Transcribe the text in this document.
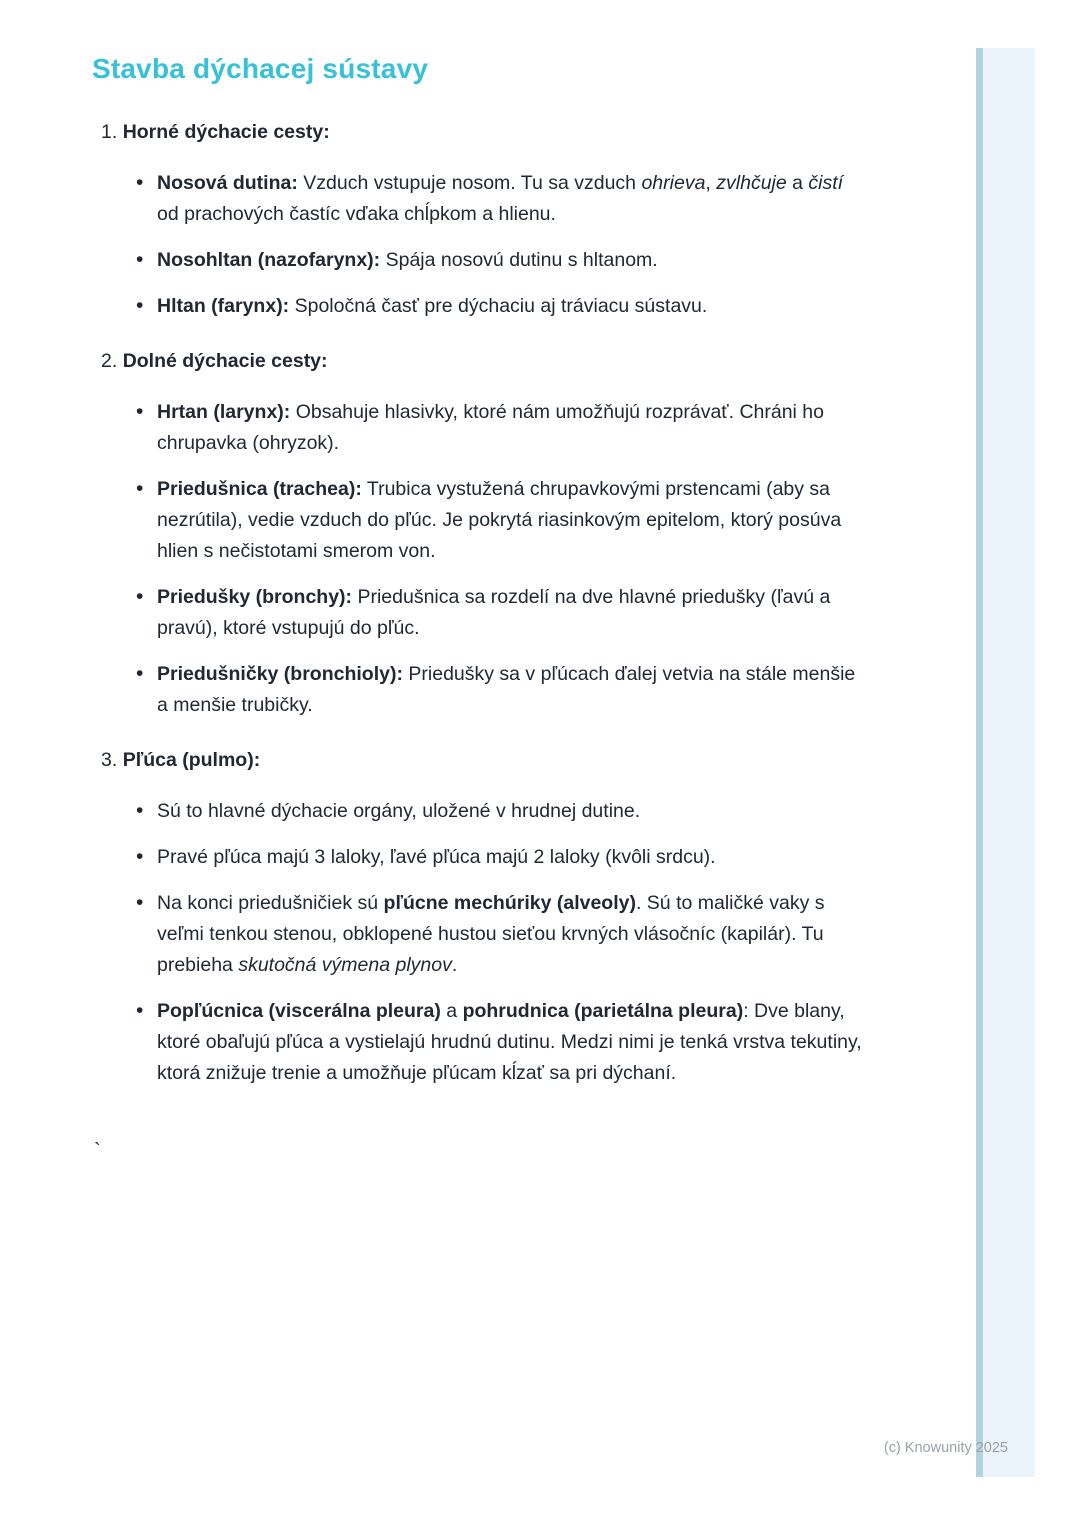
Stavba dýchacej sústavy

1. Horné dýchacie cesty:

• Nosová dutina: Vzduch vstupuje nosom. Tu sa vzduch ohrieva, zvlhčuje a čistí od prachových častíc vďaka chĺpkom a hlienu.
• Nosohltan (nazofarynx): Spája nosovú dutinu s hltanom.
• Hltan (farynx): Spoločná časť pre dýchaciu aj tráviacu sústavu.

2. Dolné dýchacie cesty:

• Hrtan (larynx): Obsahuje hlasivky, ktoré nám umožňujú rozprávať. Chráni ho chrupavka (ohryzok).
• Priedušnica (trachea): Trubica vystužená chrupavkovými prstencami (aby sa nezrútila), vedie vzduch do pľúc. Je pokrytá riasinkovým epitelom, ktorý posúva hlien s nečistotami smerom von.
• Priedušky (bronchy): Priedušnica sa rozdelí na dve hlavné priedušky (ľavú a pravú), ktoré vstupujú do pľúc.
• Priedušničky (bronchioly): Priedušky sa v pľúcach ďalej vetvia na stále menšie a menšie trubičky.

3. Pľúca (pulmo):

• Sú to hlavné dýchacie orgány, uložené v hrudnej dutine.
• Pravé pľúca majú 3 laloky, ľavé pľúca majú 2 laloky (kvôli srdcu).
• Na konci priedušničiek sú pľúcne mechúriky (alveoly). Sú to maličké vaky s veľmi tenkou stenou, obklopené hustou sieťou krvných vlásočníc (kapilár). Tu prebieha skutočná výmena plynov.
• Popľúcnica (viscerálna pleura) a pohrudnica (parietálna pleura): Dve blany, ktoré obaľujú pľúca a vystielajú hrudnú dutinu. Medzi nimi je tenká vrstva tekutiny, ktorá znižuje trenie a umožňuje pľúcam kĺzať sa pri dýchaní.
`
(c) Knowunity 2025
